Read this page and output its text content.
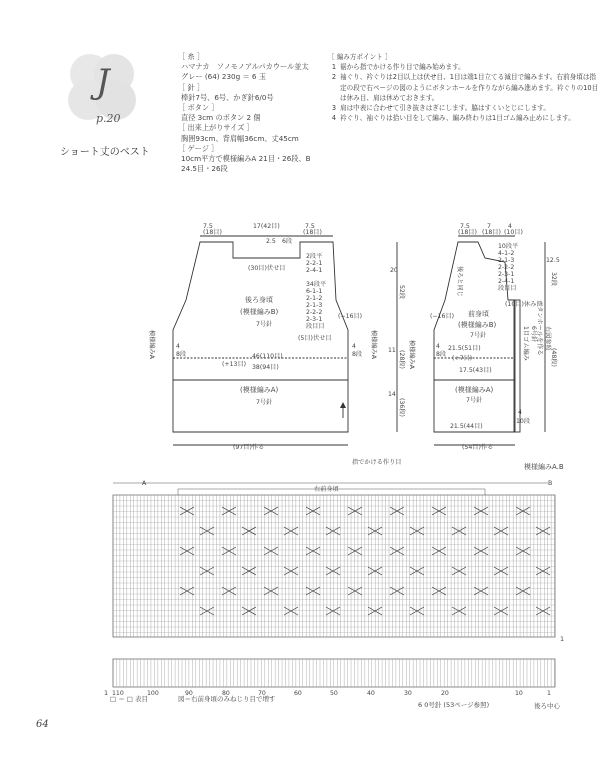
J
p.20
ショート丈のベスト
［ 糸 ］
ハマナカ　ソノモノアルパカウール並太
グレー (64) 230g ＝ 6 玉
［ 針 ］
棒針7号、6号、かぎ針6/0号
［ ボタン ］
直径 3cm のボタン 2 個
［ 出来上がりサイズ ］
胸囲93cm、背肩幅36cm、丈45cm
［ ゲージ ］
10cm平方で模様編みA 21目・26段、B
24.5目・26段
［ 編み方ポイント ］
1 裾から指でかける作り目で編み始めます。
2 袖ぐり、衿ぐりは2目以上は伏せ目、1目は端1目立てる減目で編みます。右前身頃は指定の段で右ページの図のようにボタンホールを作りながら編み進めます。衿ぐりの10目は休み目、肩は休めておきます。
3 肩は中表に合わせて引き抜きはぎにします。脇はすくいとじにします。
4 衿ぐり、袖ぐりは拾い目をして編み、編み終わりは1目ゴム編み止めにします。
7.5
(18目)
17(42目)	7.5
(18目)
2.5 6段
(30目)伏せ目
2段平
2-2-1
2-4-1
34段平
6-1-1
2-1-2
2-1-3
2-2-2
2-3-1
段目目
(5目)伏せ目
後ろ身頃
(模様編みB)
7号針
(−16目)
模様編みA	模様編みA
4
8段
4
8段
(+13目)
46(110目)
38(94目)
(模様編みA)
7号針
(97目)作る
指でかける作り目
20
52段
11 (28段)
14
(36段)
7.5
(18目)
7
(18目)
4
(10目)
10段平
4-1-2
2-1-3
2-2-2
2-3-1
2-4-1
段目目
(10目)休み目
(−16目)
後ろと同じ
前身頃
(模様編みB)
7号針
21.5(51目)
(+7目)
17.5(43目)
(模様編みA)
7号針
21.5(44目)
(54目)作る
模様編みA	4
8段	1目ゴム編み 6号針 ボタンホールを作る 右図参照
4
10段
12.5
32段
(48段)
模様編みA.B
A	B
右前身頃
110	100	90	80	70	60	50	40	30	20	10	1
□ ＝ □ 表目	図＝右前身頃のみねじり目で増す
6 0号針 (53ページ参照)	後ろ中心
1
1
64
